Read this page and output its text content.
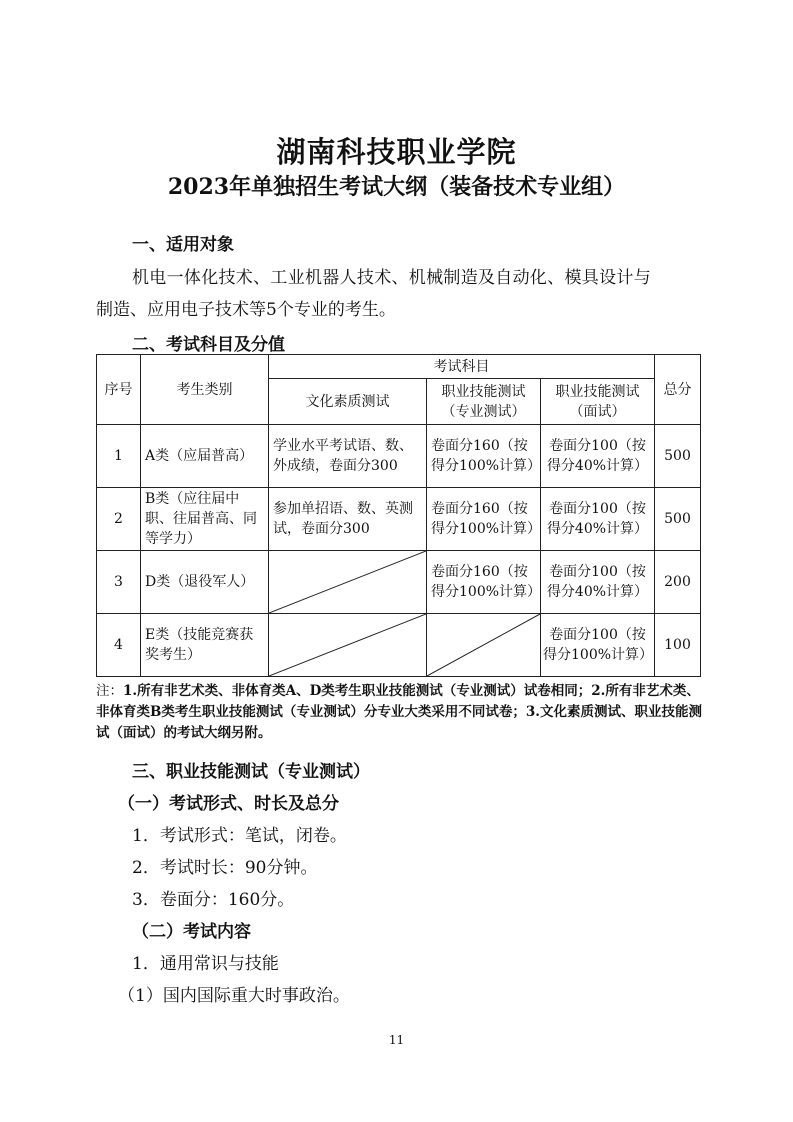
湖南科技职业学院
2023年单独招生考试大纲（装备技术专业组）
一、适用对象
机电一体化技术、工业机器人技术、机械制造及自动化、模具设计与
制造、应用电子技术等5个专业的考生。
二、考试科目及分值
序号	考生类别	考试科目			总分
		文化素质测试	职业技能测试（专业测试）	职业技能测试（面试）	
1	A类（应届普高）	学业水平考试语、数、外成绩，卷面分300	卷面分160（按得分100%计算）	卷面分100（按得分40%计算）	500
2	B类（应往届中职、往届普高、同等学力）	参加单招语、数、英测试，卷面分300	卷面分160（按得分100%计算）	卷面分100（按得分40%计算）	500
3	D类（退役军人）		卷面分160（按得分100%计算）	卷面分100（按得分40%计算）	200
4	E类（技能竞赛获奖考生）			卷面分100（按得分100%计算）	100
注：1.所有非艺术类、非体育类A、D类考生职业技能测试（专业测试）试卷相同；2.所有非艺术类、非体育类B类考生职业技能测试（专业测试）分专业大类采用不同试卷；3.文化素质测试、职业技能测试（面试）的考试大纲另附。
三、职业技能测试（专业测试）
（一）考试形式、时长及总分
1．考试形式：笔试，闭卷。
2．考试时长：90分钟。
3．卷面分：160分。
（二）考试内容
1．通用常识与技能
（1）国内国际重大时事政治。
11
